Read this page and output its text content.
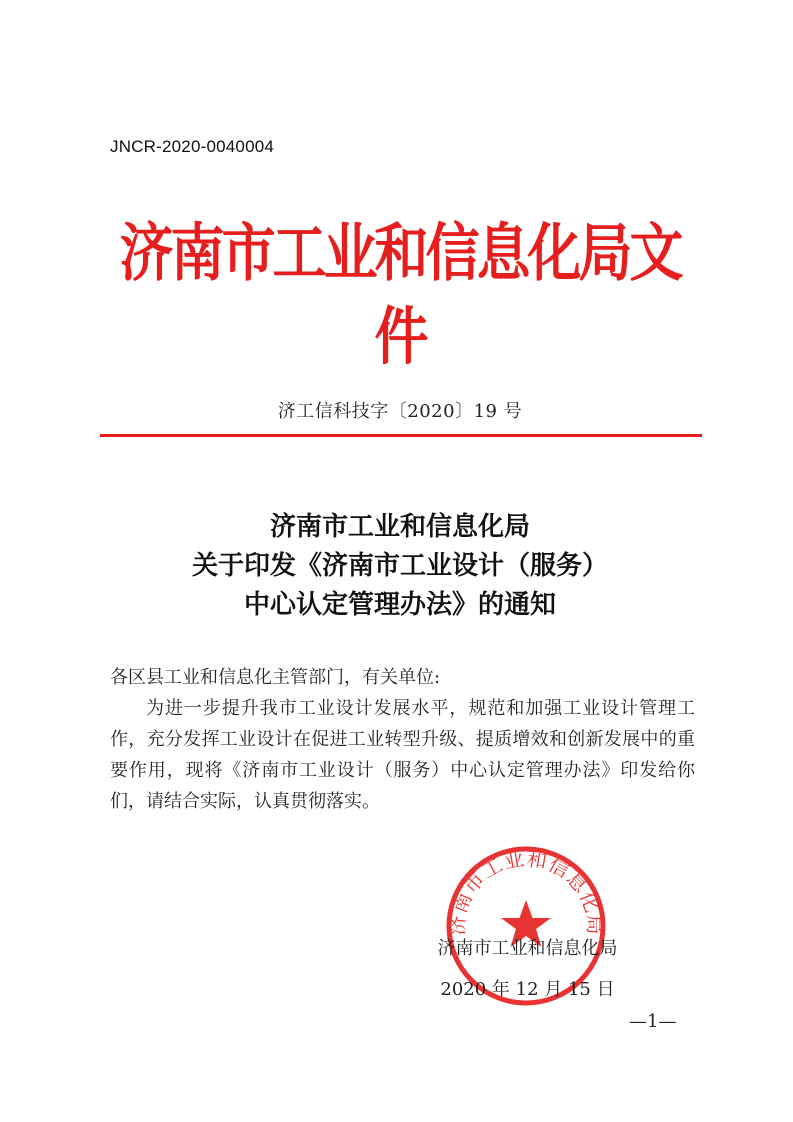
JNCR-2020-0040004
济南市工业和信息化局文件
济工信科技字〔2020〕19 号
济南市工业和信息化局
关于印发《济南市工业设计（服务）
中心认定管理办法》的通知
各区县工业和信息化主管部门，有关单位:
为进一步提升我市工业设计发展水平，规范和加强工业设计管理工作，充分发挥工业设计在促进工业转型升级、提质增效和创新发展中的重要作用，现将《济南市工业设计（服务）中心认定管理办法》印发给你们，请结合实际，认真贯彻落实。
济南市工业和信息化局
济南市工业和信息化局
2020 年 12 月 15 日
—1—
